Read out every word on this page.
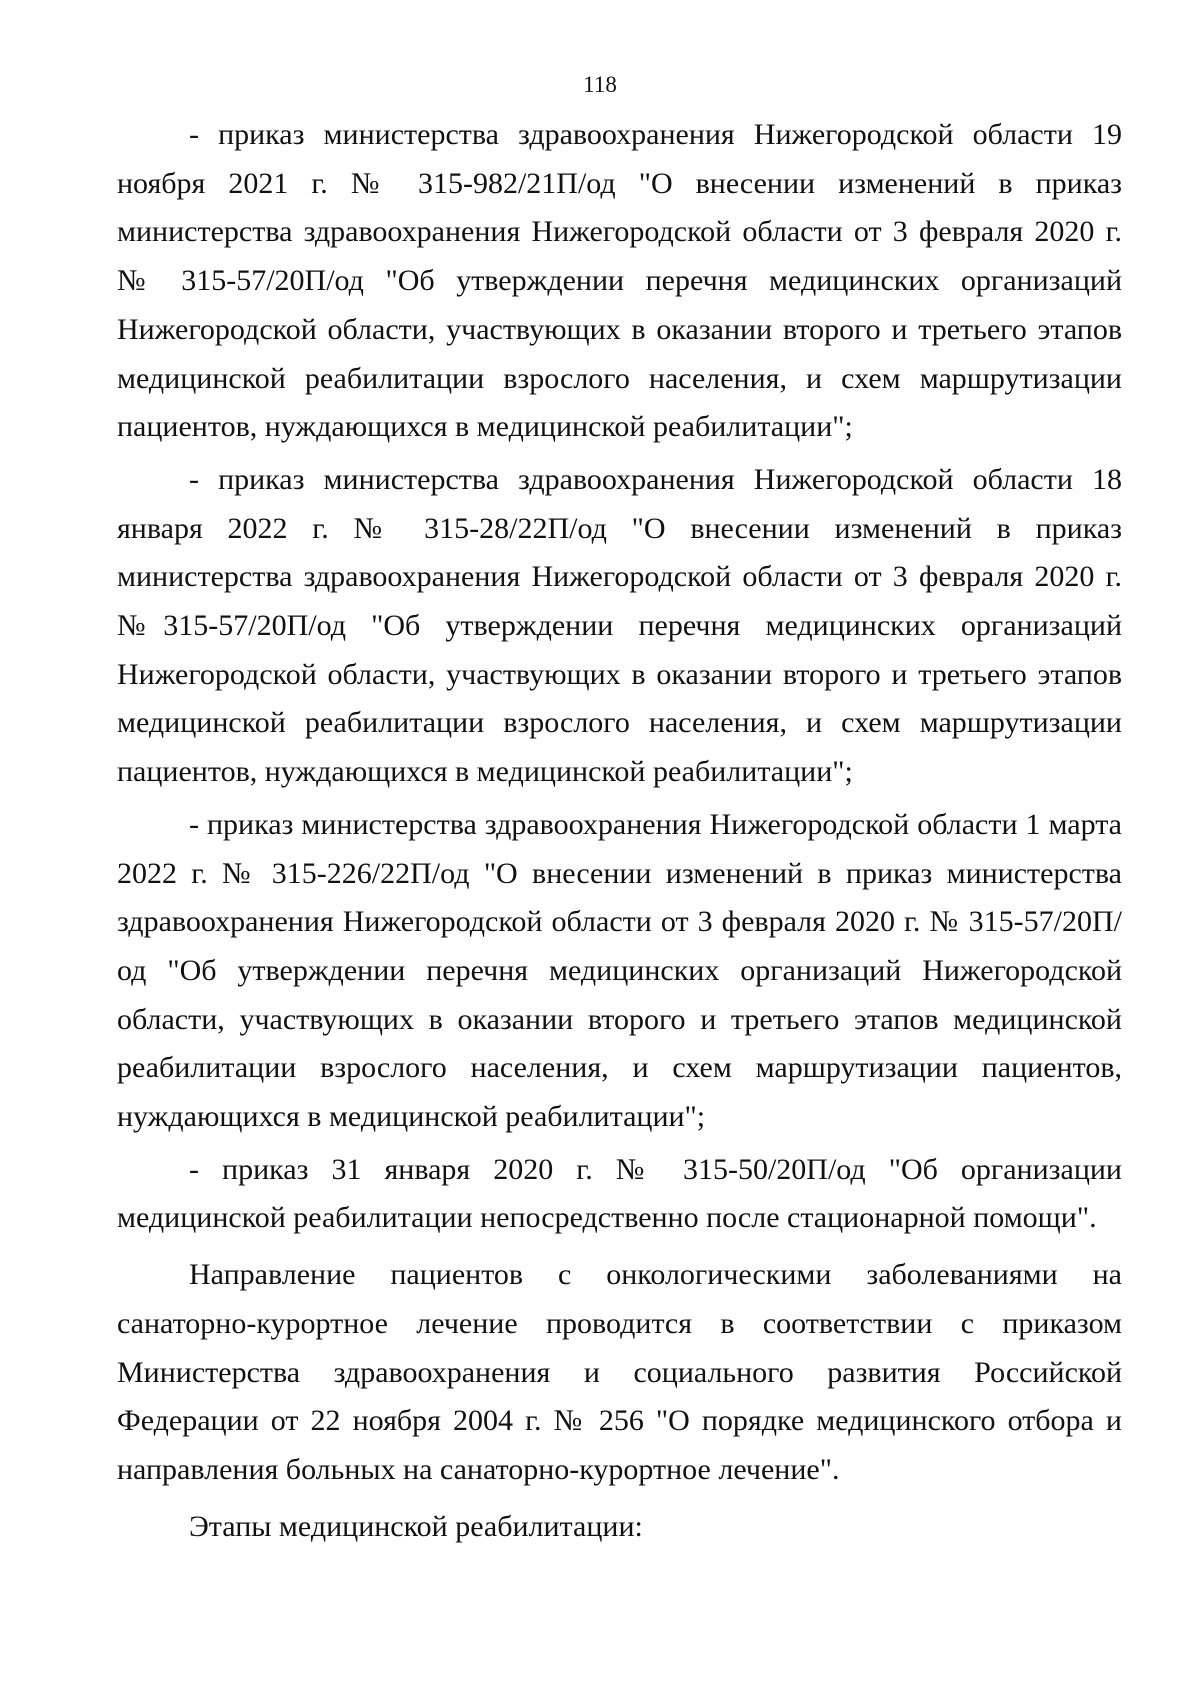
118

- приказ министерства здравоохранения Нижегородской области 19 ноября 2021 г. № 315-982/21П/од "О внесении изменений в приказ министерства здравоохранения Нижегородской области от 3 февраля 2020 г. № 315-57/20П/од "Об утверждении перечня медицинских организаций Нижегородской области, участвующих в оказании второго и третьего этапов медицинской реабилитации взрослого населения, и схем маршрутизации пациентов, нуждающихся в медицинской реабилитации";

- приказ министерства здравоохранения Нижегородской области 18 января 2022 г. № 315-28/22П/од "О внесении изменений в приказ министерства здравоохранения Нижегородской области от 3 февраля 2020 г. №315-57/20П/од "Об утверждении перечня медицинских организаций Нижегородской области, участвующих в оказании второго и третьего этапов медицинской реабилитации взрослого населения, и схем маршрутизации пациентов, нуждающихся в медицинской реабилитации";

- приказ министерства здравоохранения Нижегородской области 1 марта 2022 г. № 315-226/22П/од "О внесении изменений в приказ министерства здравоохранения Нижегородской области от 3 февраля 2020 г. № 315-57/20П/од "Об утверждении перечня медицинских организаций Нижегородской области, участвующих в оказании второго и третьего этапов медицинской реабилитации взрослого населения, и схем маршрутизации пациентов, нуждающихся в медицинской реабилитации";

- приказ 31 января 2020 г. № 315-50/20П/од "Об организации медицинской реабилитации непосредственно после стационарной помощи".

Направление пациентов с онкологическими заболеваниями на санаторно-курортное лечение проводится в соответствии с приказом Министерства здравоохранения и социального развития Российской Федерации от 22 ноября 2004 г. № 256 "О порядке медицинского отбора и направления больных на санаторно-курортное лечение".

Этапы медицинской реабилитации:
